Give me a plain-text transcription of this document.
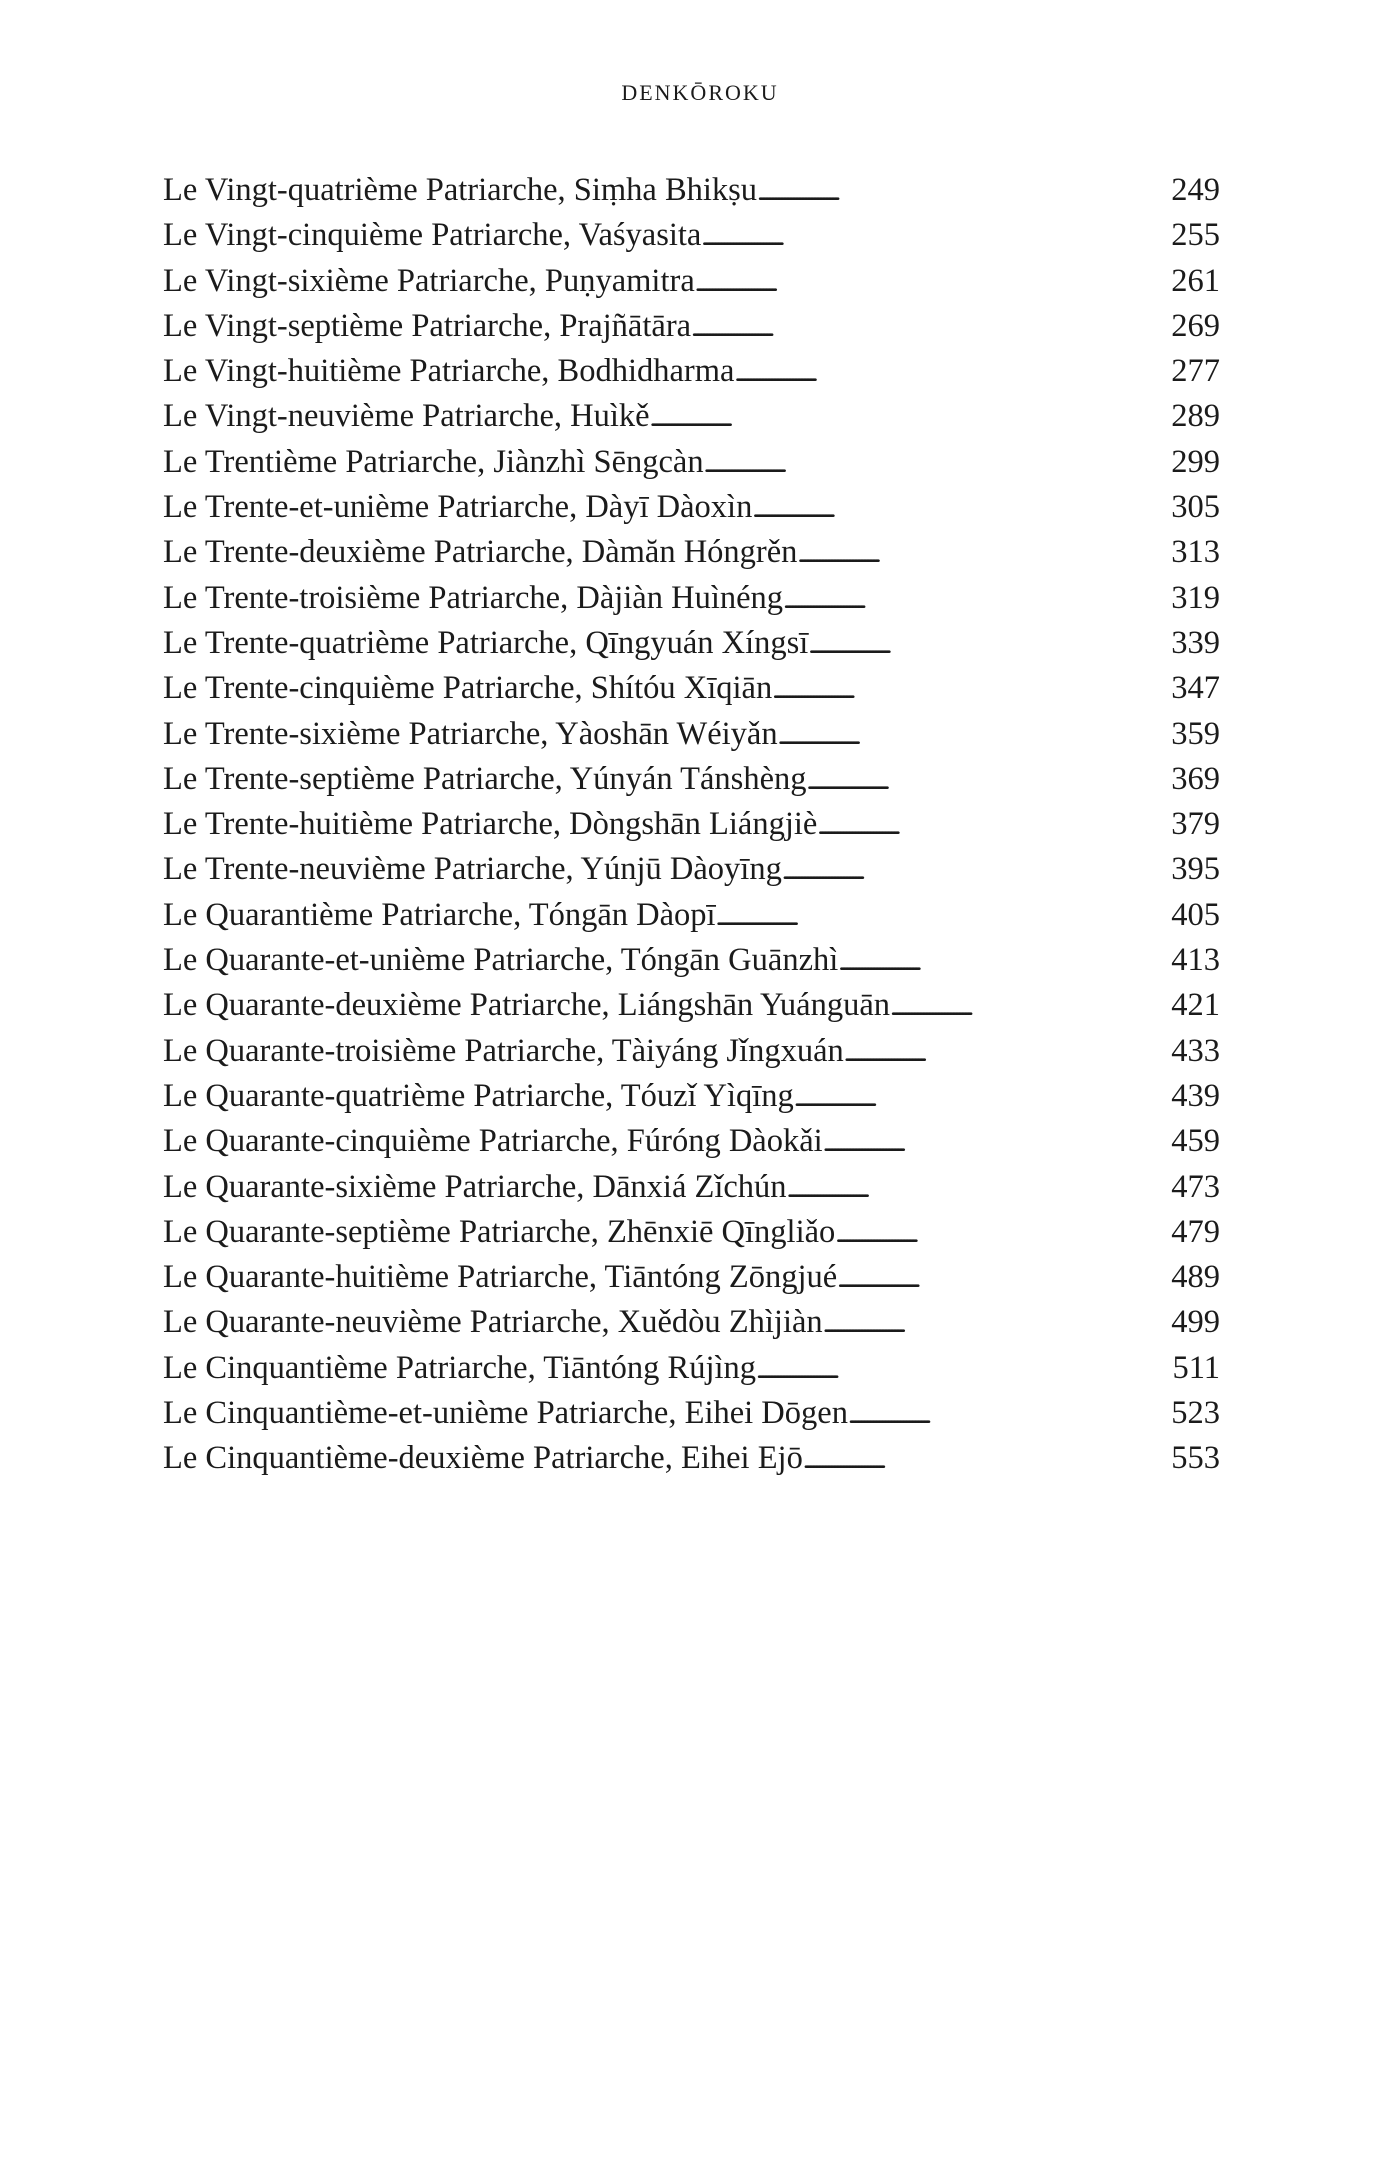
DENKŌROKU
Le Vingt-quatrième Patriarche, Siṃha Bhikṣu . . .	249
Le Vingt-cinquième Patriarche, Vaśyasita . . .	255
Le Vingt-sixième Patriarche, Puṇyamitra . . .	261
Le Vingt-septième Patriarche, Prajñātāra . . .	269
Le Vingt-huitième Patriarche, Bodhidharma . . .	277
Le Vingt-neuvième Patriarche, Huìkě . . .	289
Le Trentième Patriarche, Jiànzhì Sēngcàn . . .	299
Le Trente-et-unième Patriarche, Dàyī Dàoxìn . . .	305
Le Trente-deuxième Patriarche, Dàmăn Hóngrěn . . .	313
Le Trente-troisième Patriarche, Dàjiàn Huìnéng . . .	319
Le Trente-quatrième Patriarche, Qīngyuán Xíngsī . . .	339
Le Trente-cinquième Patriarche, Shítóu Xīqiān . . .	347
Le Trente-sixième Patriarche, Yàoshān Wéiyǎn . . .	359
Le Trente-septième Patriarche, Yúnyán Tánshèng . . .	369
Le Trente-huitième Patriarche, Dòngshān Liángjiè . . .	379
Le Trente-neuvième Patriarche, Yúnjū Dàoyīng . . .	395
Le Quarantième Patriarche, Tóngān Dàopī . . .	405
Le Quarante-et-unième Patriarche, Tóngān Guānzhì . . .	413
Le Quarante-deuxième Patriarche, Liángshān Yuánguān . . .	421
Le Quarante-troisième Patriarche, Tàiyáng Jǐngxuán . . .	433
Le Quarante-quatrième Patriarche, Tóuzǐ Yìqīng . . .	439
Le Quarante-cinquième Patriarche, Fúróng Dàokǎi . . .	459
Le Quarante-sixième Patriarche, Dānxiá Zǐchún . . .	473
Le Quarante-septième Patriarche, Zhēnxiē Qīngliǎo . . .	479
Le Quarante-huitième Patriarche, Tiāntóng Zōngjué . . .	489
Le Quarante-neuvième Patriarche, Xuědòu Zhìjiàn . . .	499
Le Cinquantième Patriarche, Tiāntóng Rújìng . . .	511
Le Cinquantième-et-unième Patriarche, Eihei Dōgen . . .	523
Le Cinquantième-deuxième Patriarche, Eihei Ejō . . .	553
